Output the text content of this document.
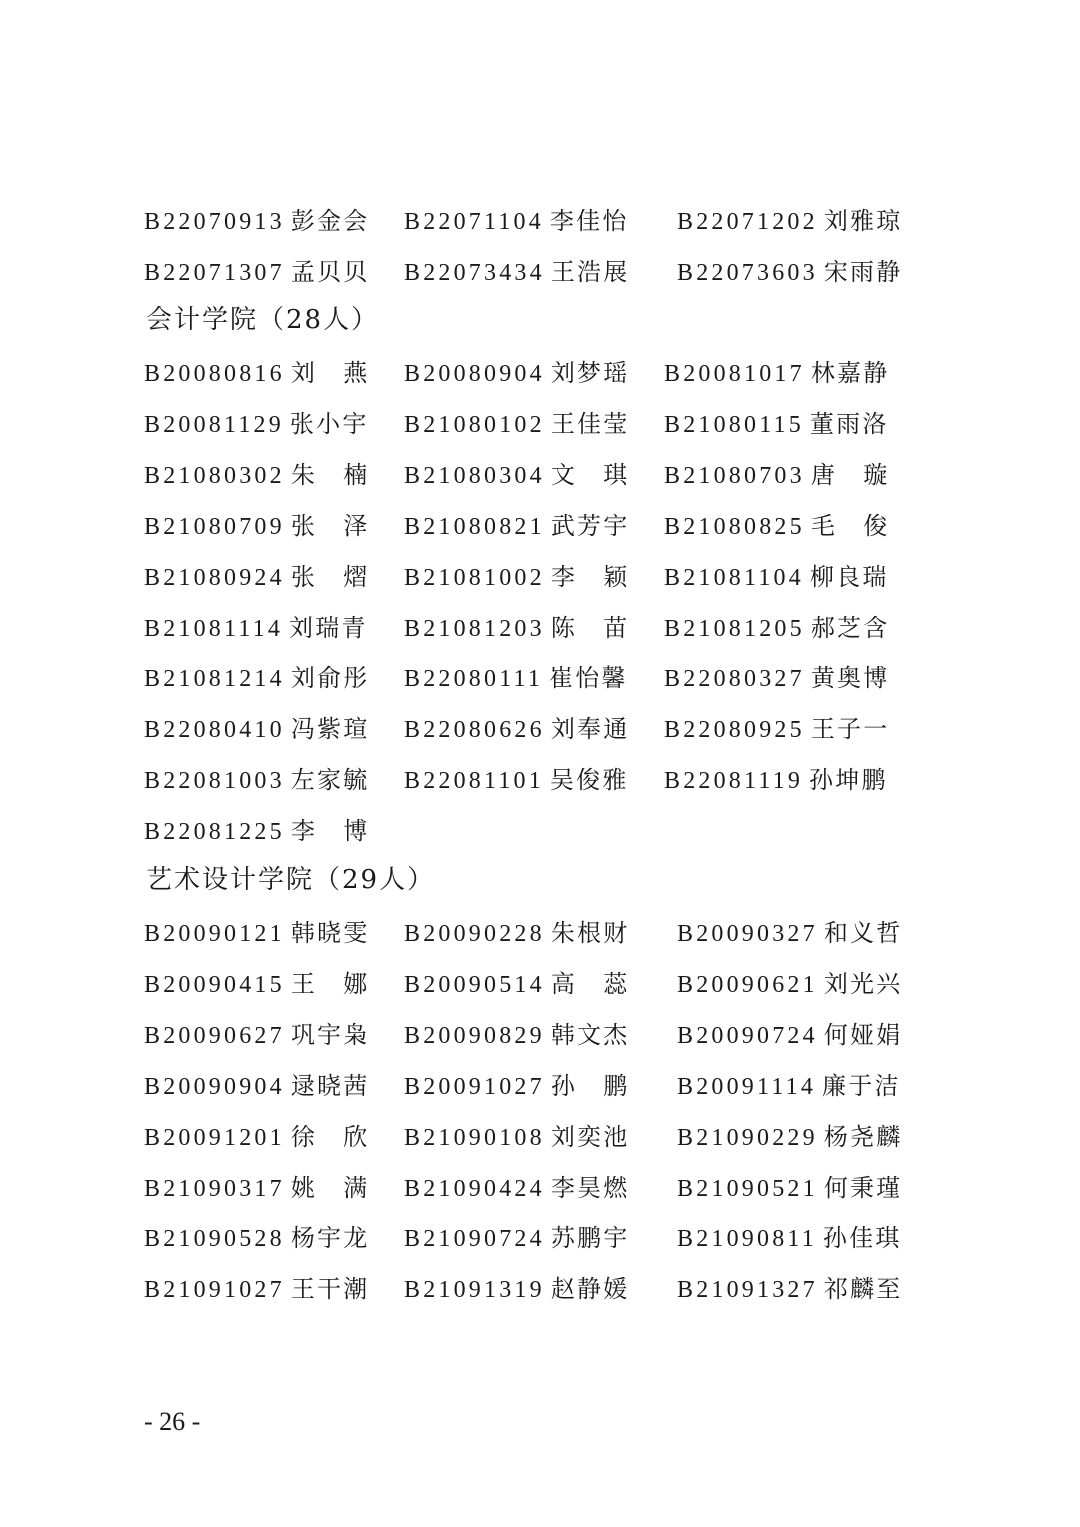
会计学院（28人）
艺术设计学院（29人）
- 26 -
B22070913 彭金会 B22071104 李佳怡 B22071202 刘雅琼
B22071307 孟贝贝 B22073434 王浩展 B22073603 宋雨静
B20080816 刘燕 B20080904 刘梦瑶 B20081017 林嘉静
B20081129 张小宇 B21080102 王佳莹 B21080115 董雨洛
B21080302 朱楠 B21080304 文琪 B21080703 唐璇
B21080709 张泽 B21080821 武芳宇 B21080825 毛俊
B21080924 张熠 B21081002 李颖 B21081104 柳良瑞
B21081114 刘瑞青 B21081203 陈苗 B21081205 郝芝含
B21081214 刘俞彤 B22080111 崔怡馨 B22080327 黄奥博
B22080410 冯紫瑄 B22080626 刘奉通 B22080925 王子一
B22081003 左家毓 B22081101 吴俊雅 B22081119 孙坤鹏
B22081225 李博
B20090121 韩晓雯 B20090228 朱根财 B20090327 和义哲
B20090415 王娜 B20090514 高蕊 B20090621 刘光兴
B20090627 巩宇枭 B20090829 韩文杰 B20090724 何娅娟
B20090904 逯晓茜 B20091027 孙鹏 B20091114 廉于洁
B20091201 徐欣 B21090108 刘奕池 B21090229 杨尧麟
B21090317 姚满 B21090424 李昊燃 B21090521 何秉瑾
B21090528 杨宇龙 B21090724 苏鹏宇 B21090811 孙佳琪
B21091027 王干潮 B21091319 赵静媛 B21091327 祁麟至
